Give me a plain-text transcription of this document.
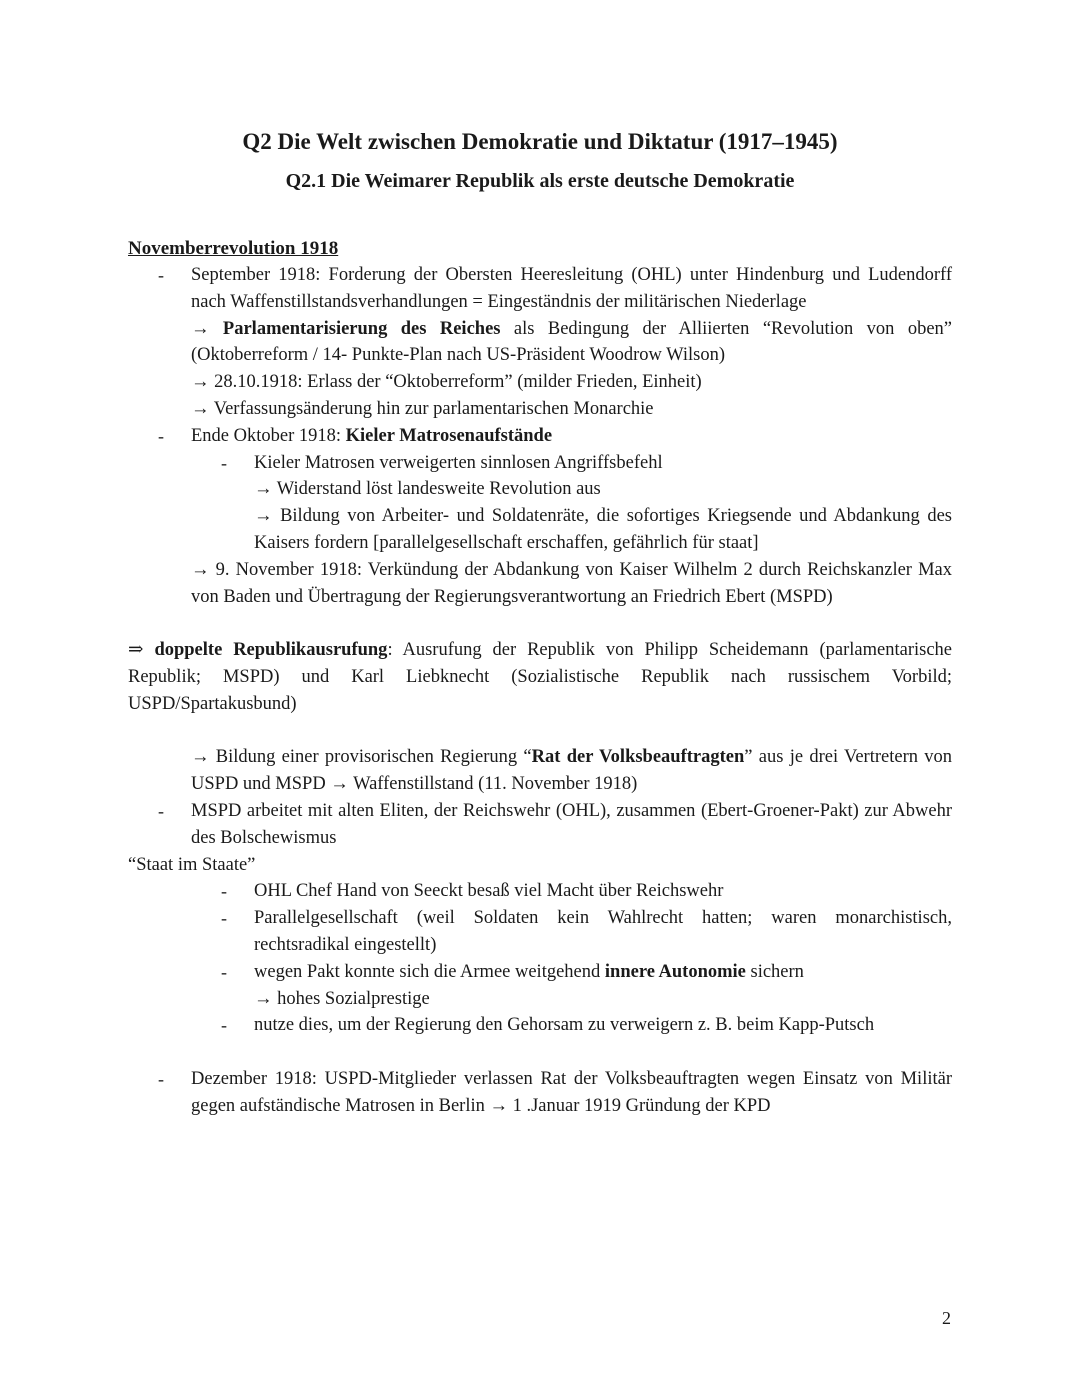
Q2 Die Welt zwischen Demokratie und Diktatur (1917–1945)
Q2.1 Die Weimarer Republik als erste deutsche Demokratie
Novemberrevolution 1918
- September 1918: Forderung der Obersten Heeresleitung (OHL) unter Hindenburg und Ludendorff nach Waffenstillstandsverhandlungen = Eingeständnis der militärischen Niederlage

→ Parlamentarisierung des Reiches als Bedingung der Alliierten “Revolution von oben” (Oktoberreform / 14- Punkte-Plan nach US-Präsident Woodrow Wilson)

→ 28.10.1918: Erlass der “Oktoberreform” (milder Frieden, Einheit)

→ Verfassungsänderung hin zur parlamentarischen Monarchie

- Ende Oktober 1918: Kieler Matrosenaufstände

- Kieler Matrosen verweigerten sinnlosen Angriffsbefehl

→ Widerstand löst landesweite Revolution aus

→ Bildung von Arbeiter- und Soldatenräte, die sofortiges Kriegsende und Abdankung des Kaisers fordern [parallelgesellschaft erschaffen, gefährlich für staat]

→ 9. November 1918: Verkündung der Abdankung von Kaiser Wilhelm 2 durch Reichskanzler Max von Baden und Übertragung der Regierungsverantwortung an Friedrich Ebert (MSPD)

⇒ doppelte Republikausrufung: Ausrufung der Republik von Philipp Scheidemann (parlamentarische Republik; MSPD) und Karl Liebknecht (Sozialistische Republik nach russischem Vorbild; USPD/Spartakusbund)

→ Bildung einer provisorischen Regierung “Rat der Volksbeauftragten” aus je drei Vertretern von USPD und MSPD → Waffenstillstand (11. November 1918)

- MSPD arbeitet mit alten Eliten, der Reichswehr (OHL), zusammen (Ebert-Groener-Pakt) zur Abwehr des Bolschewismus

“Staat im Staate”

- OHL Chef Hand von Seeckt besaß viel Macht über Reichswehr

- Parallelgesellschaft (weil Soldaten kein Wahlrecht hatten; waren monarchistisch, rechtsradikal eingestellt)

- wegen Pakt konnte sich die Armee weitgehend innere Autonomie sichern

→ hohes Sozialprestige

- nutze dies, um der Regierung den Gehorsam zu verweigern z. B. beim Kapp-Putsch

- Dezember 1918: USPD-Mitglieder verlassen Rat der Volksbeauftragten wegen Einsatz von Militär gegen aufständische Matrosen in Berlin → 1 .Januar 1919 Gründung der KPD

2
